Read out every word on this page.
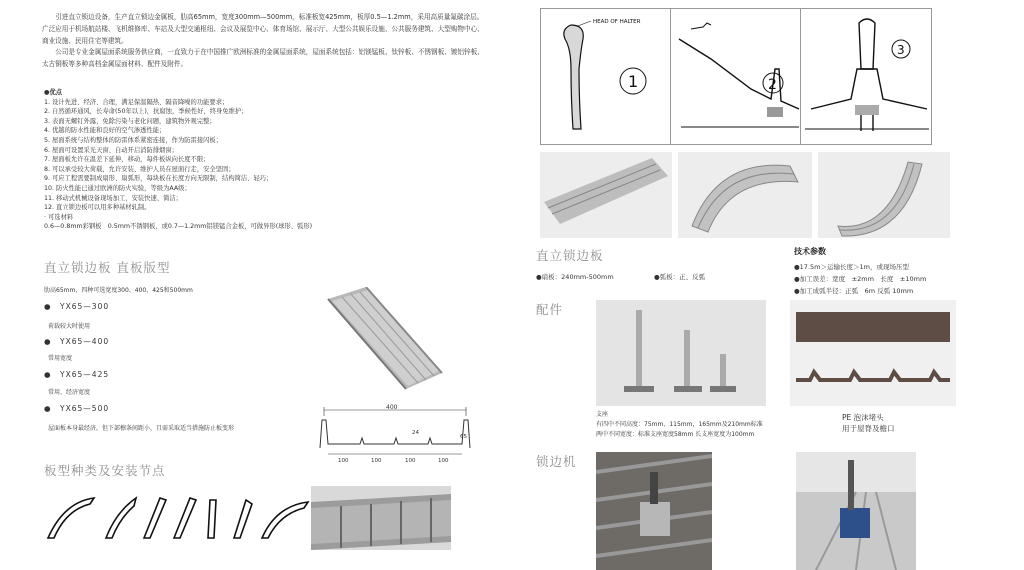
引进直立锁边设备，生产直立锁边金属板，肋高65mm，宽度300mm—500mm，标准板宽425mm，板厚0.5—1.2mm，采用高质量氟碳涂层。广泛应用于机场航站楼、飞机维修库、车站及大型交通枢纽、会议及展览中心、体育场馆、展示厅、大型公共娱乐设施、公共服务建筑、大型购物中心、商业设施、民用住宅等建筑。

公司是专业金属屋面系统服务供应商，一直致力于在中国推广欧洲标准的金属屋面系统，屋面系统包括：铝镁锰板、钛锌板、不锈钢板、镀铝锌板、太古铜板等多种高档金属屋面材料、配件及附件。

●优点
1. 设计先进、经济、合理，满足保温隔热、隔音降噪的功能要求；
2. 自然循环通风，长寿命(50年以上)，抗腐蚀，季候性好，终身免维护；
3. 表面无螺钉外露，免除污染与老化问题，建筑物外观完整；
4. 优越的防水性能和良好的空气渗透性能；
5. 屋面系统与结构整体的防雷体系紧密连接，作为防雷接闪板；
6. 屋面可设置采光天窗、自动开启消防排烟窗；
7. 屋面板允许在温差下延伸、移动，每件板纵向长度不限；
8. 可以承受较大荷载，允许安装、维护人员在屋面行走，安全坚固；
9. 可应工程需要制成扇形、扇弧形，每块板在长度方向无限制，结构简洁、轻巧；
10. 防火性能已通过欧洲的防火实验，等级为AA级；
11. 移动式机械设备现场加工，安装快速、简洁；
12. 直立锁边板可以用多种基材轧制。
· 可选材料
0.6—0.8mm彩钢板　0.5mm不锈钢板，或0.7—1.2mm铝镁锰合金板，可做异形(球形、弧形)
直立锁边板 直板版型
肋高65mm，四种可选宽度300、400、425和500mm
●　YX65—300
荷载较大时使用
●　YX65—400
常用宽度
●　YX65—425
常用、经济宽度
●　YX65—500
屋面板本身最经济，但下部檩条间距小，且需采取适当措施防止板变形
400
24
65
100	100	100	100
板型种类及安装节点
HEAD OF HALTER
1	2
3
直立锁边板
●扇板：240mm-500mm	●弧板：正、反弧
技术参数
●17.5m＞运输长度＞1m，或现场压型
●加工误差：宽度　±2mm　长度　±10mm
●加工成弧半径：正弧　6m 反弧 10mm
配件
支座
有四中不同高度：75mm、115mm，165mm及210mm标准
两中不同宽度：标准支座宽度58mm 长支座宽度为100mm
PE 泡沫堵头
用于屋脊及檐口
锁边机
